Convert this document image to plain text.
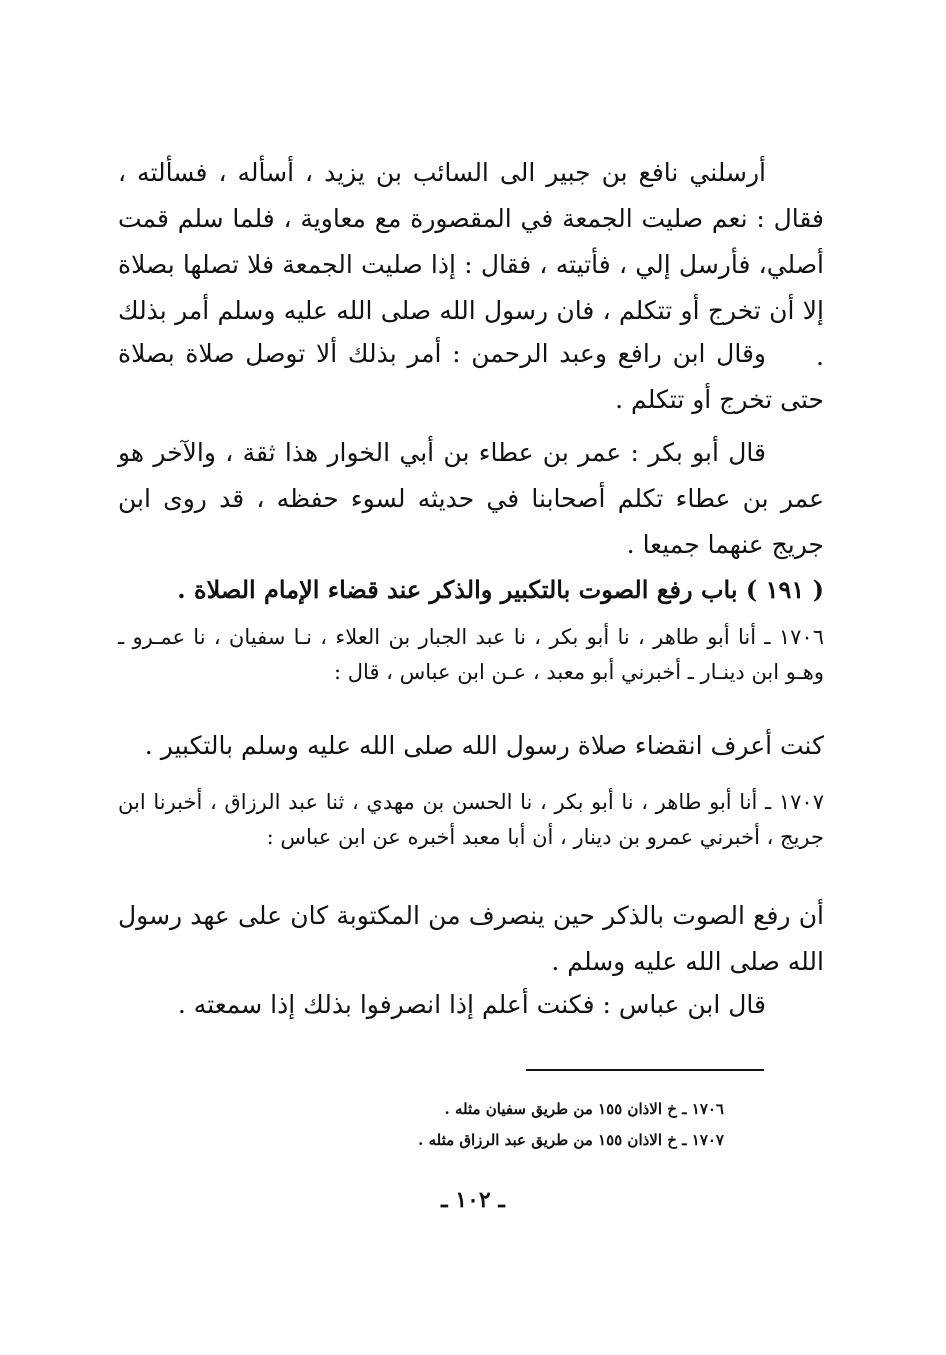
أرسلني نافع بن جبير الى السائب بن يزيد ، أسأله ، فسألته ، فقال : نعم صليت الجمعة في المقصورة مع معاوية ، فلما سلم قمت أصلي، فأرسل إلي ، فأتيته ، فقال : إذا صليت الجمعة فلا تصلها بصلاة إلا أن تخرج أو تتكلم ، فان رسول الله صلى الله عليه وسلم أمر بذلك .

وقال ابن رافع وعبد الرحمن : أمر بذلك ألا توصل صلاة بصلاة حتى تخرج أو تتكلم .

قال أبو بكر : عمر بن عطاء بن أبي الخوار هذا ثقة ، والآخر هو عمر بن عطاء تكلم أصحابنا في حديثه لسوء حفظه ، قد روى ابن جريج عنهما جميعا .

( ١٩١ ) باب رفع الصوت بالتكبير والذكر عند قضاء الإمام الصلاة .

١٧٠٦ ـ أنا أبو طاهر ، نا أبو بكر ، نا عبد الجبار بن العلاء ، نـا سفيان ، نا عمـرو ـ وهـو ابن دينـار ـ أخبرني أبو معبد ، عـن ابن عباس ، قال :

كنت أعرف انقضاء صلاة رسول الله صلى الله عليه وسلم بالتكبير .

١٧٠٧ ـ أنا أبو طاهر ، نا أبو بكر ، نا الحسن بن مهدي ، ثنا عبد الرزاق ، أخبرنا ابن جريج ، أخبرني عمرو بن دينار ، أن أبا معبد أخبره عن ابن عباس :

أن رفع الصوت بالذكر حين ينصرف من المكتوبة كان على عهد رسول الله صلى الله عليه وسلم .

قال ابن عباس : فكنت أعلم إذا انصرفوا بذلك إذا سمعته .

١٧٠٦ ـ خ الاذان ١٥٥ من طريق سفيان مثله .
١٧٠٧ ـ خ الاذان ١٥٥ من طريق عبد الرزاق مثله .
ـ ١٠٢ ـ
